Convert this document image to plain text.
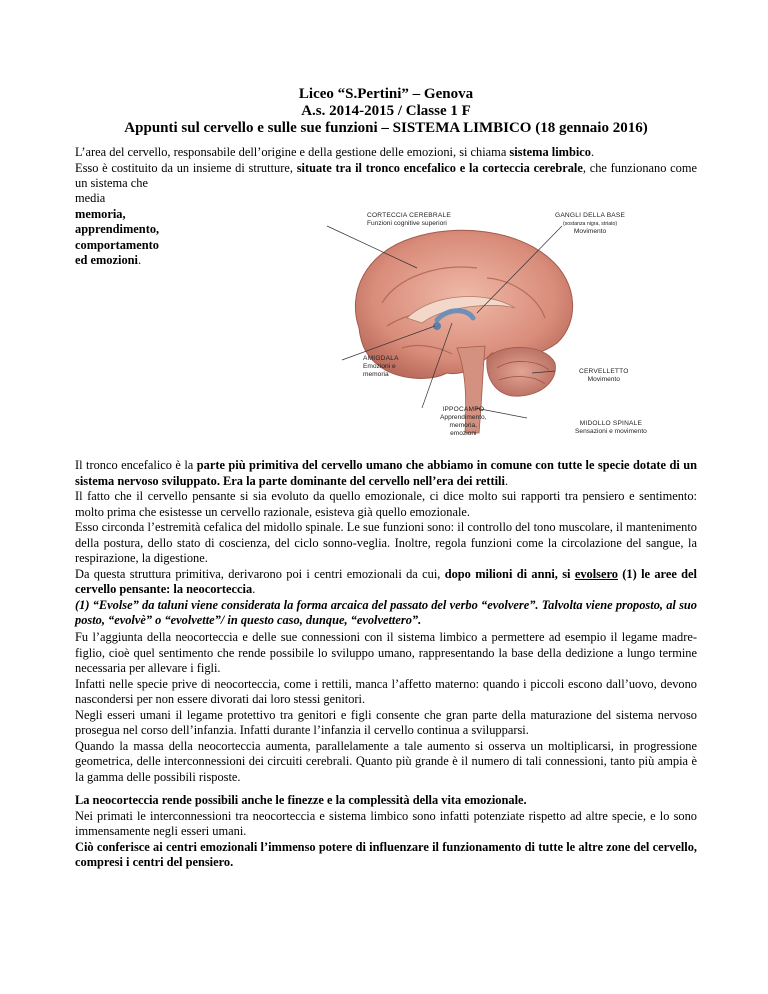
Liceo “S.Pertini” – Genova
A.s. 2014-2015 / Classe 1 F
Appunti sul cervello e sulle sue funzioni – SISTEMA LIMBICO (18 gennaio 2016)

L’area del cervello, responsabile dell’origine e della gestione delle emozioni, si chiama sistema limbico.

Esso è costituito da un insieme di strutture, situate tra il tronco encefalico e la corteccia cerebrale, che funzionano come un sistema che

media
memoria,
apprendimento,
comportamento
ed emozioni.
CORTECCIA CEREBRALE
Funzioni cognitive superiori
GANGLI DELLA BASE
(sostanza nigra, striato)
Movimento
AMIGDALA
Emozioni e
memoria	CERVELLETTO
Movimento
IPPOCAMPO
Apprendimento,
memoria,
emozioni
MIDOLLO SPINALE
Sensazioni e movimento

Il tronco encefalico è la parte più primitiva del cervello umano che abbiamo in comune con tutte le specie dotate di un sistema nervoso sviluppato. Era la parte dominante del cervello nell’era dei rettili.

Il fatto che il cervello pensante si sia evoluto da quello emozionale, ci dice molto sui rapporti tra pensiero e sentimento: molto prima che esistesse un cervello razionale, esisteva già quello emozionale.

Esso circonda l’estremità cefalica del midollo spinale. Le sue funzioni sono: il controllo del tono muscolare, il mantenimento della postura, dello stato di coscienza, del ciclo sonno-veglia. Inoltre, regola funzioni come la circolazione del sangue, la respirazione, la digestione.

Da questa struttura primitiva, derivarono poi i centri emozionali da cui, dopo milioni di anni, si evolsero (1) le aree del cervello pensante: la neocorteccia.

(1) “Evolse” da taluni viene considerata la forma arcaica del passato del verbo “evolvere”. Talvolta viene proposto, al suo posto, “evolvè” o “evolvette”/ in questo caso, dunque, “evolvettero”.

Fu l’aggiunta della neocorteccia e delle sue connessioni con il sistema limbico a permettere ad esempio il legame madre-figlio, cioè quel sentimento che rende possibile lo sviluppo umano, rappresentando la base della dedizione a lungo termine necessaria per allevare i figli.

Infatti nelle specie prive di neocorteccia, come i rettili, manca l’affetto materno: quando i piccoli escono dall’uovo, devono nascondersi per non essere divorati dai loro stessi genitori.

Negli esseri umani il legame protettivo tra genitori e figli consente che gran parte della maturazione del sistema nervoso prosegua nel corso dell’infanzia. Infatti durante l’infanzia il cervello continua a svilupparsi.

Quando la massa della neocorteccia aumenta, parallelamente a tale aumento si osserva un moltiplicarsi, in progressione geometrica, delle interconnessioni dei circuiti cerebrali. Quanto più grande è il numero di tali connessioni, tanto più ampia è la gamma delle possibili risposte.

La neocorteccia rende possibili anche le finezze e la complessità della vita emozionale.

Nei primati le interconnessioni tra neocorteccia e sistema limbico sono infatti potenziate rispetto ad altre specie, e lo sono immensamente negli esseri umani.

Ciò conferisce ai centri emozionali l’immenso potere di influenzare il funzionamento di tutte le altre zone del cervello, compresi i centri del pensiero.
